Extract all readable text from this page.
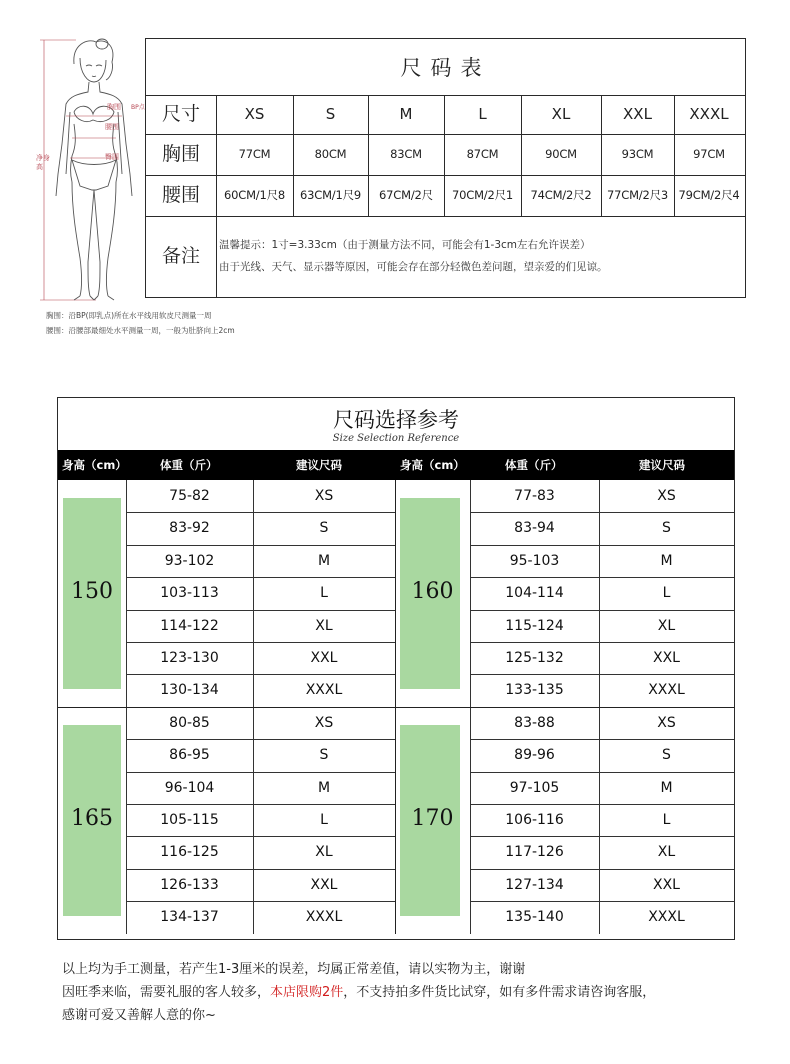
净身高
胸围 BP点
腰围
臀围
胸围：沿BP(即乳点)所在水平线用软皮尺测量一周
腰围：沿腰部最细处水平测量一周，一般为肚脐向上2cm
尺码表
尺寸	XS	S	M	L	XL	XXL	XXXL
胸围	77CM	80CM	83CM	87CM	90CM	93CM	97CM
腰围	60CM/1尺8	63CM/1尺9	67CM/2尺	70CM/2尺1	74CM/2尺2	77CM/2尺3 79CM/2尺4
备注	温馨提示：1寸=3.33cm（由于测量方法不同，可能会有1-3cm左右允许误差）
由于光线、天气、显示器等原因，可能会存在部分轻微色差问题，望亲爱的们见谅。
尺码选择参考
Size Selection Reference
身高（cm）	体重（斤）	建议尺码	身高（cm）	体重（斤）	建议尺码
150
75-82	XS
83-92	S
93-102	M
103-113	L
114-122	XL
123-130	XXL
130-134	XXXL
160
77-83	XS
83-94	S
95-103	M
104-114	L
115-124	XL
125-132	XXL
133-135	XXXL
165
80-85	XS
86-95	S
96-104	M
105-115	L
116-125	XL
126-133	XXL
134-137	XXXL
170
83-88	XS
89-96	S
97-105	M
106-116	L
117-126	XL
127-134	XXL
135-140	XXXL
以上均为手工测量，若产生1-3厘米的误差，均属正常差值，请以实物为主，谢谢
因旺季来临，需要礼服的客人较多，本店限购2件，不支持拍多件货比试穿，如有多件需求请咨询客服，
感谢可爱又善解人意的你~
